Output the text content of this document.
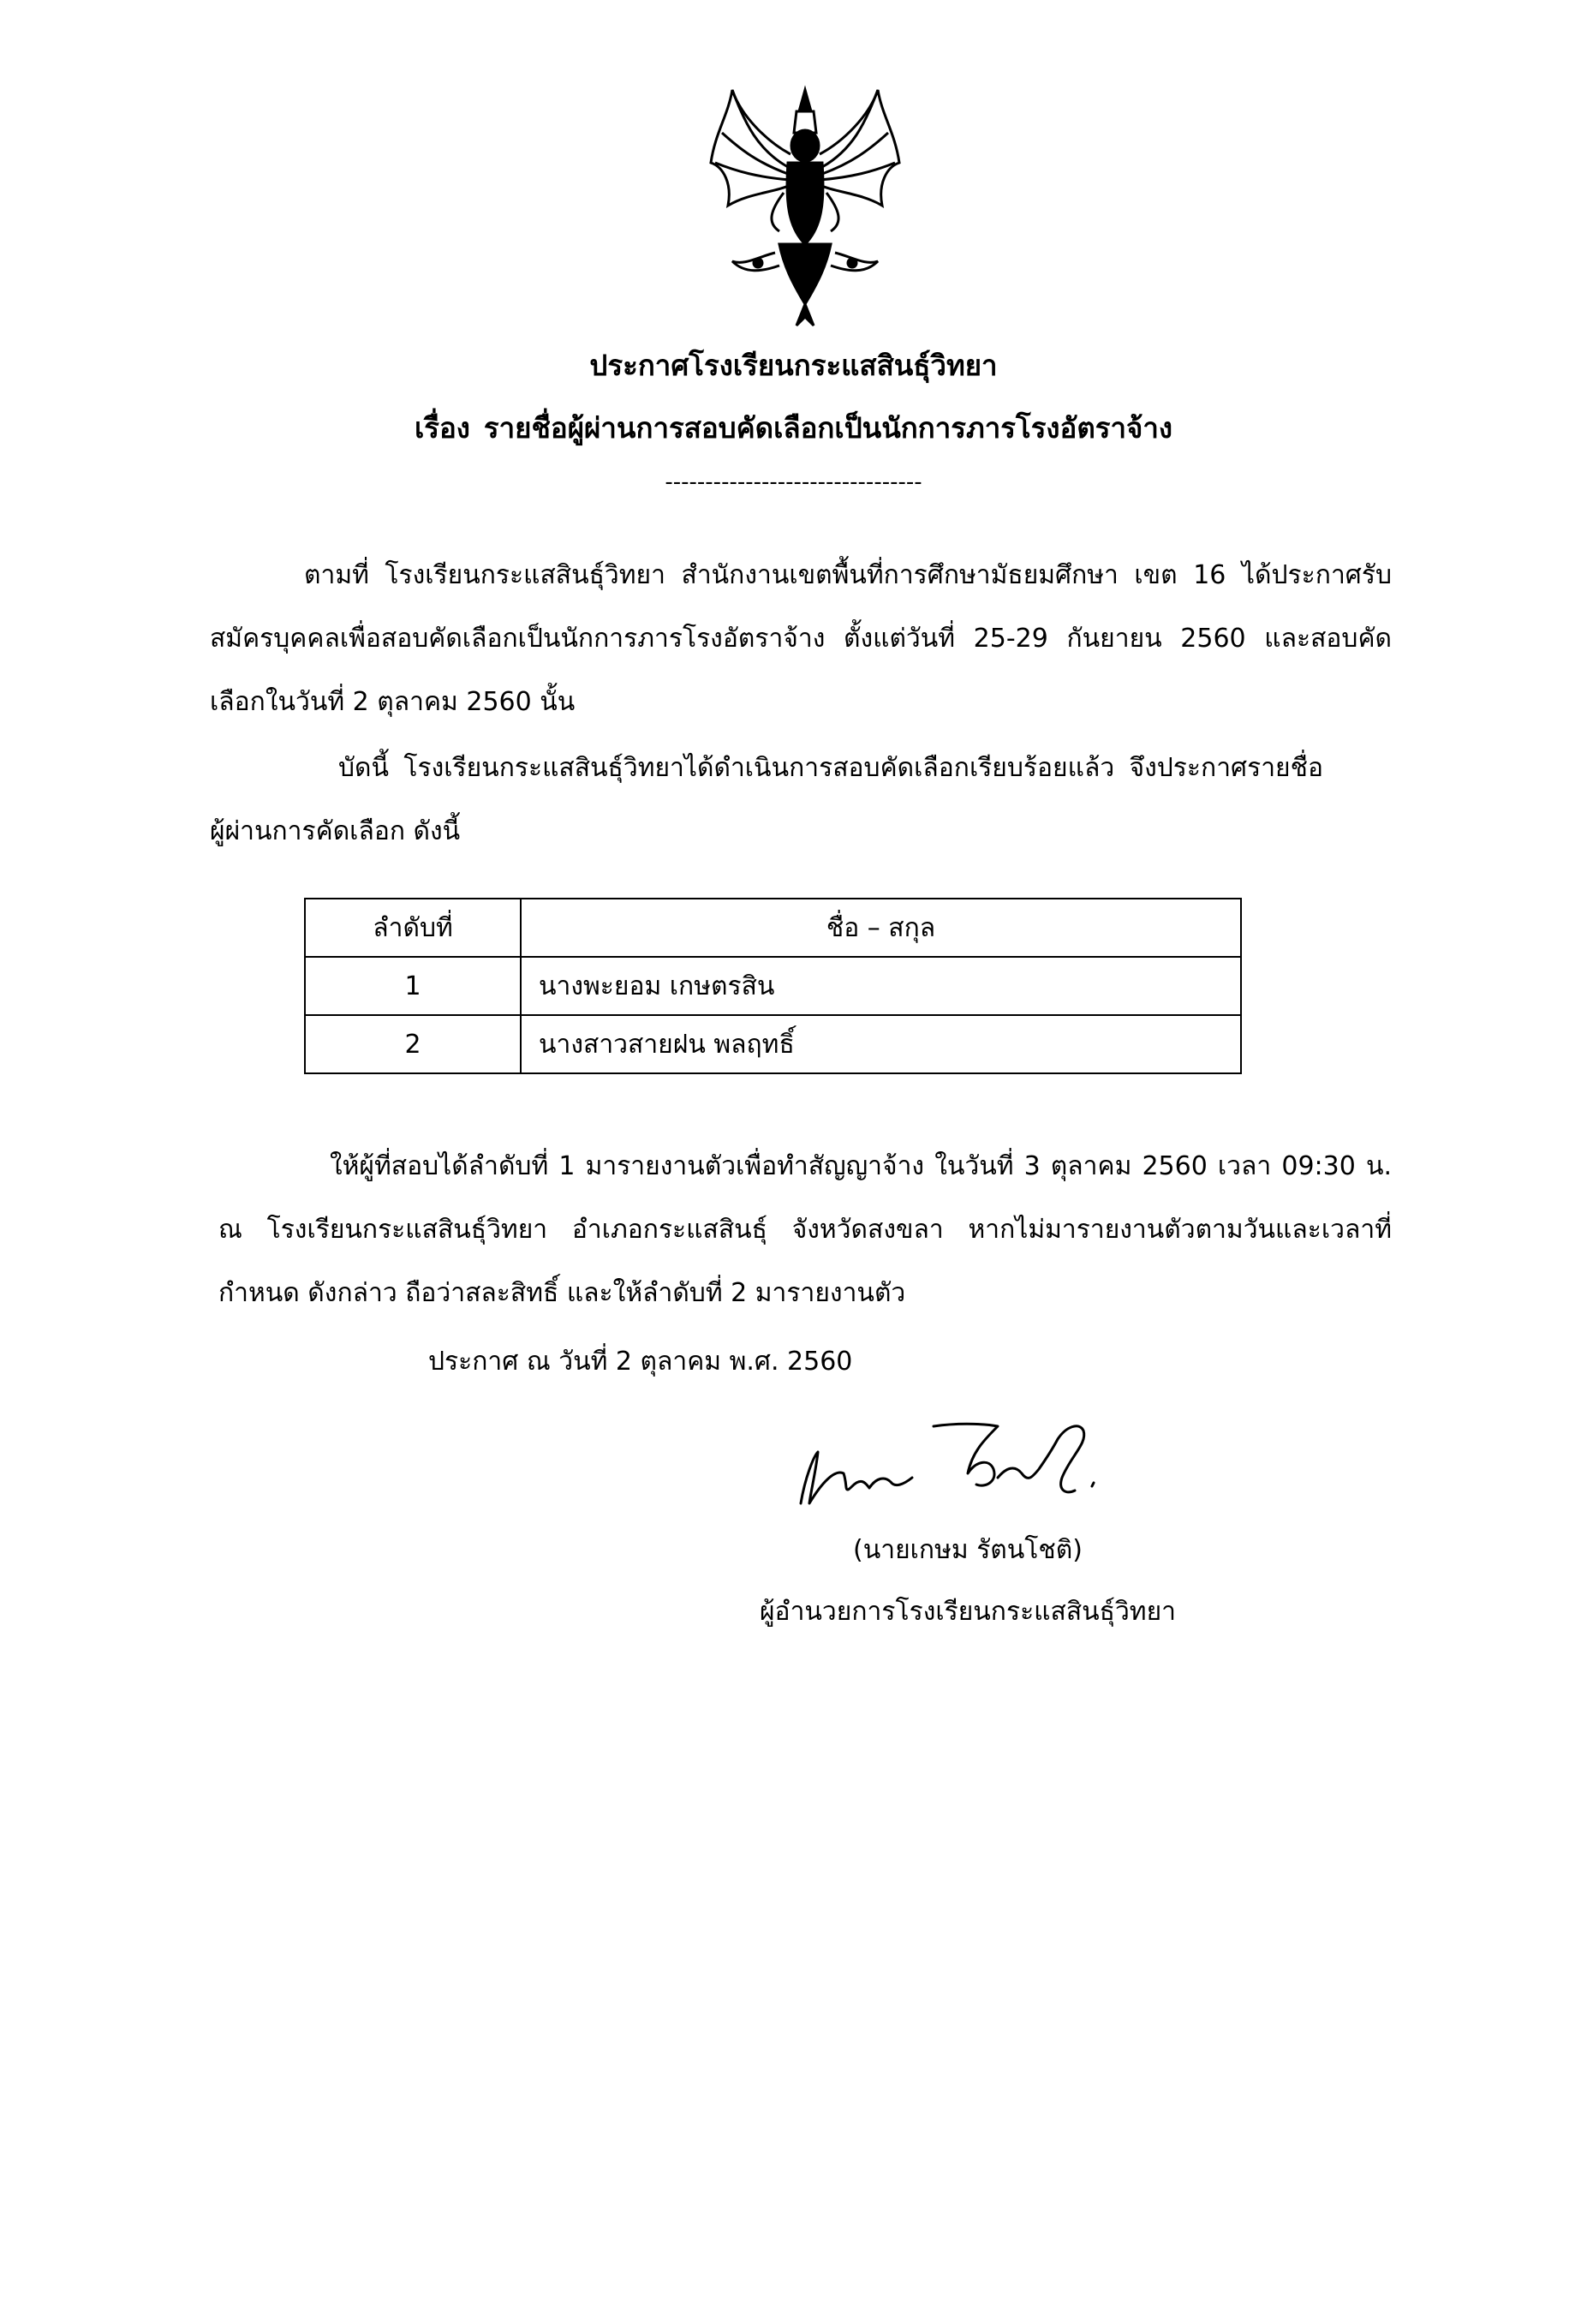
ประกาศโรงเรียนกระแสสินธุ์วิทยา
เรื่อง รายชื่อผู้ผ่านการสอบคัดเลือกเป็นนักการภารโรงอัตราจ้าง
--------------------------------
ตามที่ โรงเรียนกระแสสินธุ์วิทยา สำนักงานเขตพื้นที่การศึกษามัธยมศึกษา เขต 16 ได้ประกาศรับสมัครบุคคลเพื่อสอบคัดเลือกเป็นนักการภารโรงอัตราจ้าง ตั้งแต่วันที่ 25-29 กันยายน 2560 และสอบคัดเลือกในวันที่ 2 ตุลาคม 2560 นั้น
บัดนี้ โรงเรียนกระแสสินธุ์วิทยาได้ดำเนินการสอบคัดเลือกเรียบร้อยแล้ว จึงประกาศรายชื่อผู้ผ่านการคัดเลือก ดังนี้
ลำดับที่	ชื่อ – สกุล
1	นางพะยอม เกษตรสิน
2	นางสาวสายฝน พลฤทธิ์
ให้ผู้ที่สอบได้ลำดับที่ 1 มารายงานตัวเพื่อทำสัญญาจ้าง ในวันที่ 3 ตุลาคม 2560 เวลา 09:30 น. ณ โรงเรียนกระแสสินธุ์วิทยา อำเภอกระแสสินธุ์ จังหวัดสงขลา หากไม่มารายงานตัวตามวันและเวลาที่กำหนด ดังกล่าว ถือว่าสละสิทธิ์ และให้ลำดับที่ 2 มารายงานตัว
ประกาศ ณ วันที่ 2 ตุลาคม พ.ศ. 2560
(นายเกษม รัตนโชติ)
ผู้อำนวยการโรงเรียนกระแสสินธุ์วิทยา
